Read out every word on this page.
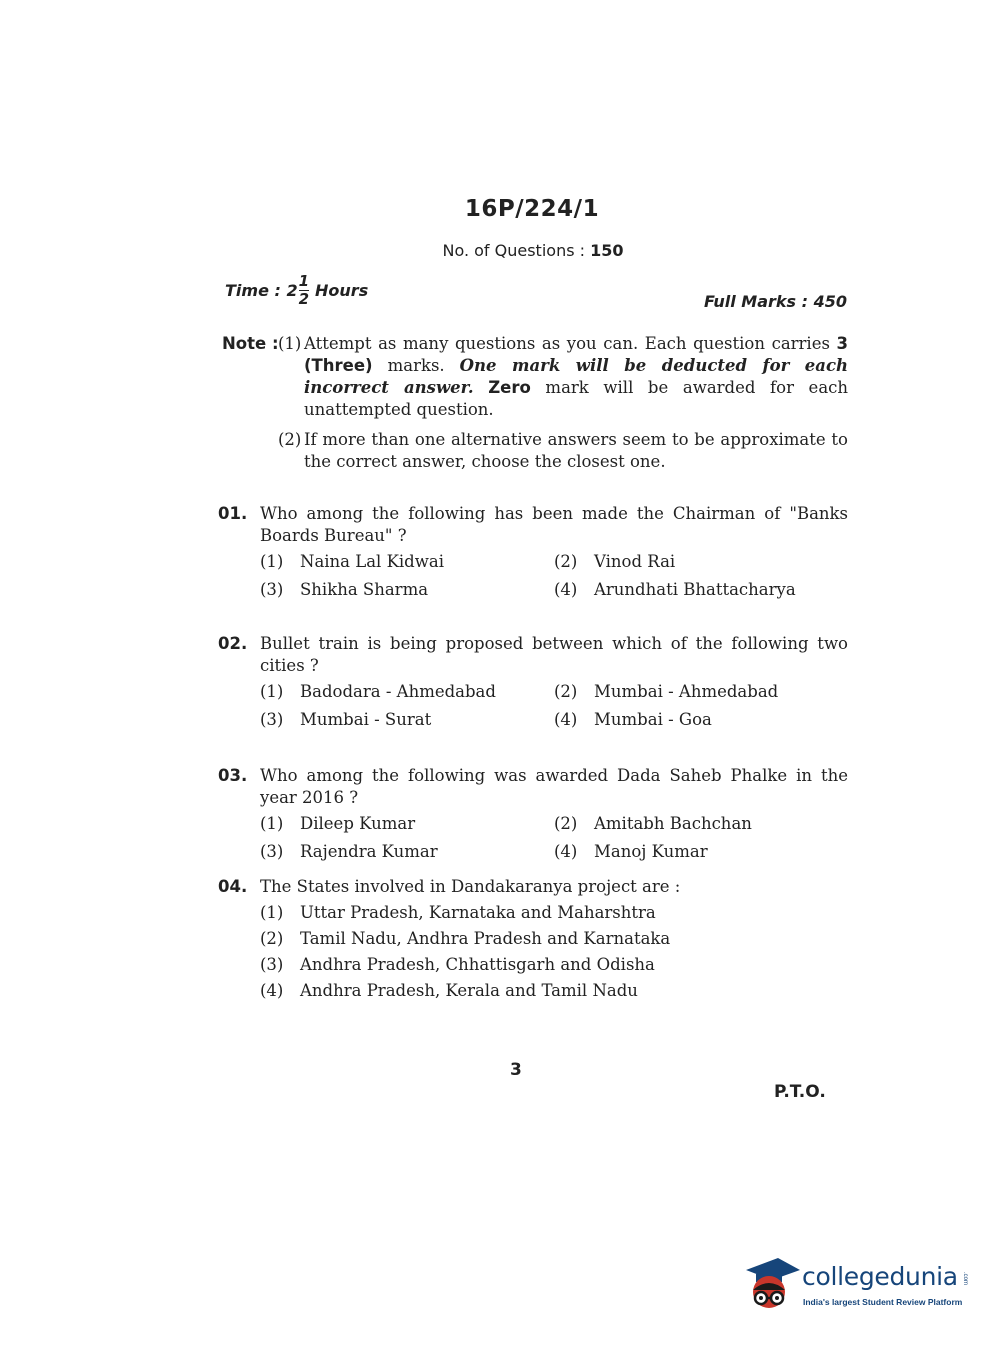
16P/224/1
No. of Questions : 150
Time : $2 \frac{1}{2}$ Hours
Full Marks : 450
Note : (1) Attempt as many questions as you can. Each question carries 3 (Three) marks. One mark will be deducted for each incorrect answer. Zero mark will be awarded for each unattempted question.
(2) If more than one alternative answers seem to be approximate to the correct answer, choose the closest one.
01. Who among the following has been made the Chairman of "Banks Boards Bureau" ?
(1)	Naina Lal Kidwai	(2)	Vinod Rai
(3)	Shikha Sharma	(4)	Arundhati Bhattacharya
02. Bullet train is being proposed between which of the following two cities ?
(1)	Badodara - Ahmedabad	(2)	Mumbai - Ahmedabad
(3)	Mumbai - Surat	(4)	Mumbai - Goa
03. Who among the following was awarded Dada Saheb Phalke in the year 2016 ?
(1)	Dileep Kumar	(2)	Amitabh Bachchan
(3)	Rajendra Kumar	(4)	Manoj Kumar
04. The States involved in Dandakaranya project are :
(1)	Uttar Pradesh, Karnataka and Maharshtra
(2)	Tamil Nadu, Andhra Pradesh and Karnataka
(3)	Andhra Pradesh, Chhattisgarh and Odisha
(4)	Andhra Pradesh, Kerala and Tamil Nadu
3
P.T.O.
collegedunia .com
India's largest Student Review Platform
